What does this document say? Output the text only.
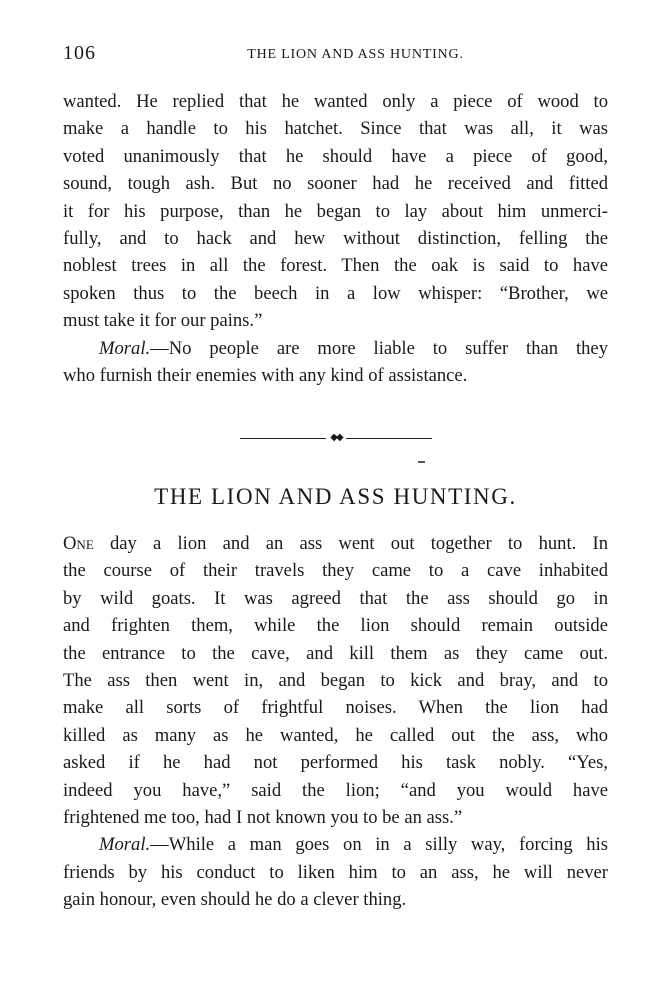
106	THE LION AND ASS HUNTING.
wanted. He replied that he wanted only a piece of wood to
make a handle to his hatchet. Since that was all, it was
voted unanimously that he should have a piece of good,
sound, tough ash. But no sooner had he received and fitted
it for his purpose, than he began to lay about him unmerci-
fully, and to hack and hew without distinction, felling the
noblest trees in all the forest. Then the oak is said to have
spoken thus to the beech in a low whisper: “Brother, we
must take it for our pains.”
Moral.—No people are more liable to suffer than they
who furnish their enemies with any kind of assistance.
◆◆
THE LION AND ASS HUNTING.
One day a lion and an ass went out together to hunt. In
the course of their travels they came to a cave inhabited
by wild goats. It was agreed that the ass should go in
and frighten them, while the lion should remain outside
the entrance to the cave, and kill them as they came out.
The ass then went in, and began to kick and bray, and to
make all sorts of frightful noises. When the lion had
killed as many as he wanted, he called out the ass, who
asked if he had not performed his task nobly. “Yes,
indeed you have,” said the lion; “and you would have
frightened me too, had I not known you to be an ass.”
Moral.—While a man goes on in a silly way, forcing his
friends by his conduct to liken him to an ass, he will never
gain honour, even should he do a clever thing.
